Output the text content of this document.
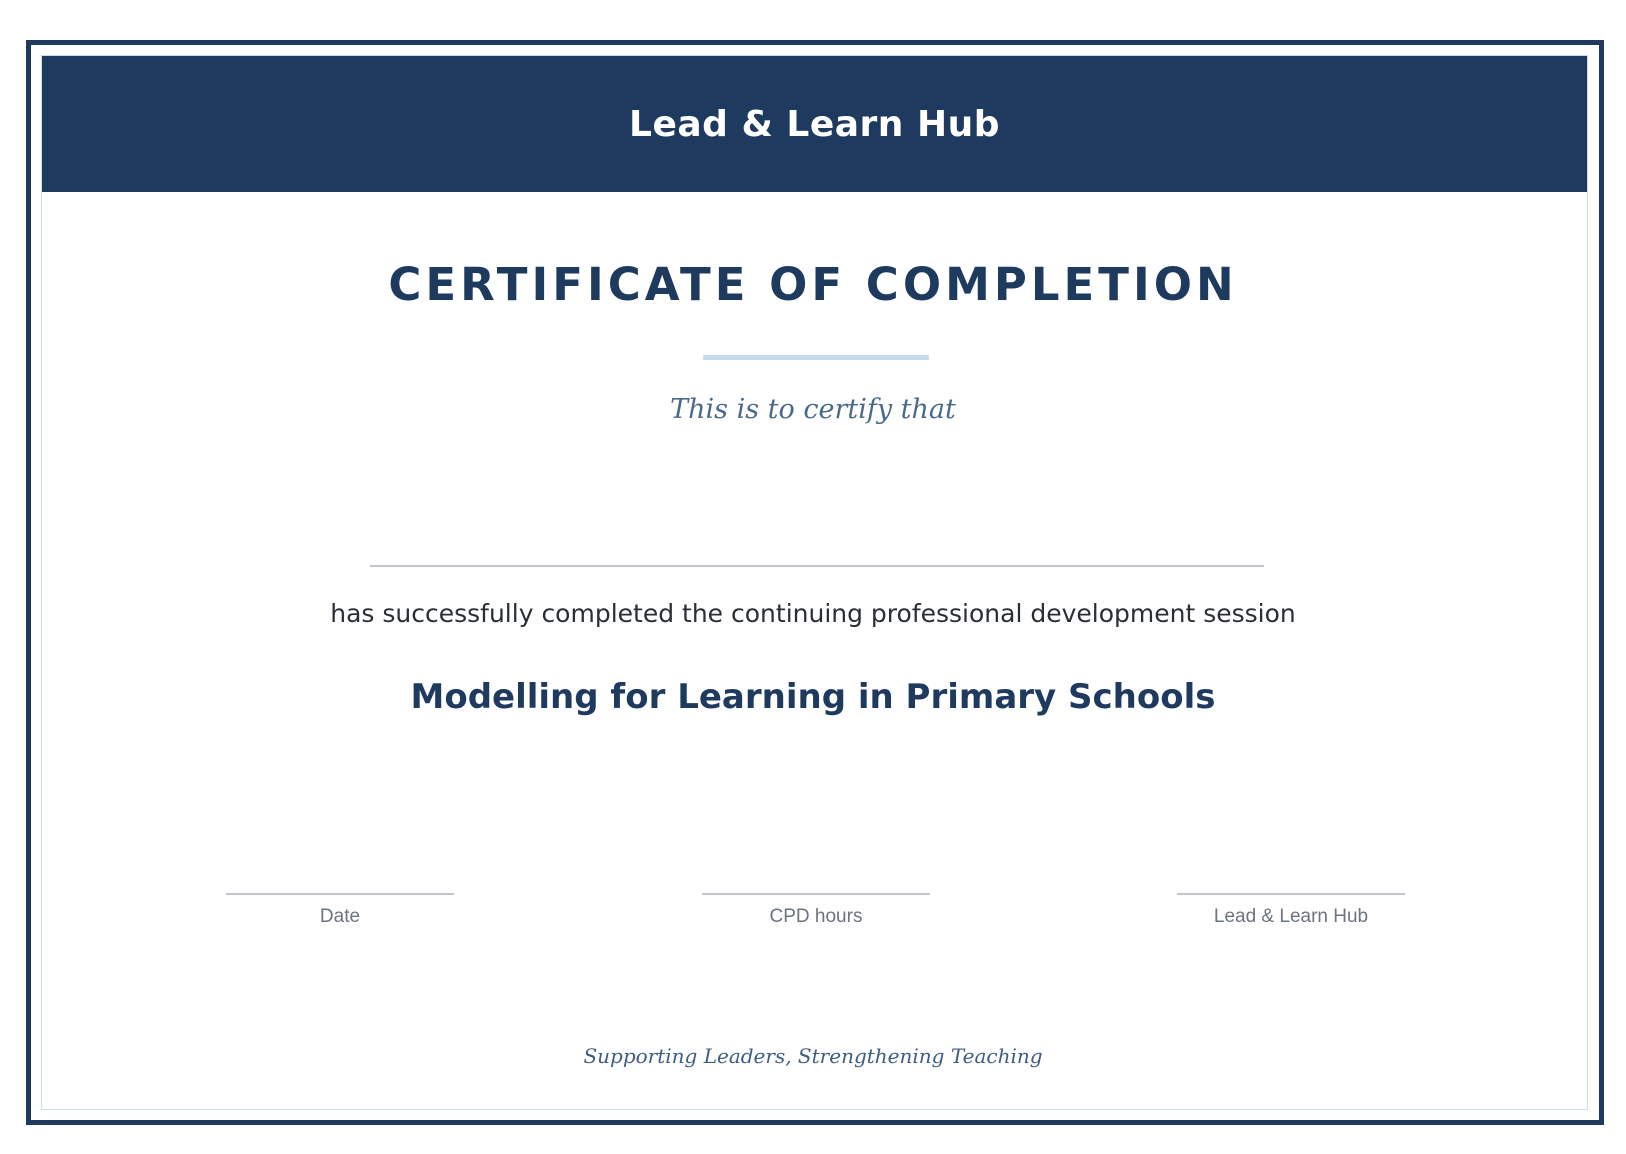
Lead & Learn Hub
CERTIFICATE OF COMPLETION
This is to certify that
has successfully completed the continuing professional development session
Modelling for Learning in Primary Schools
Date	CPD hours	Lead & Learn Hub
Supporting Leaders, Strengthening Teaching
